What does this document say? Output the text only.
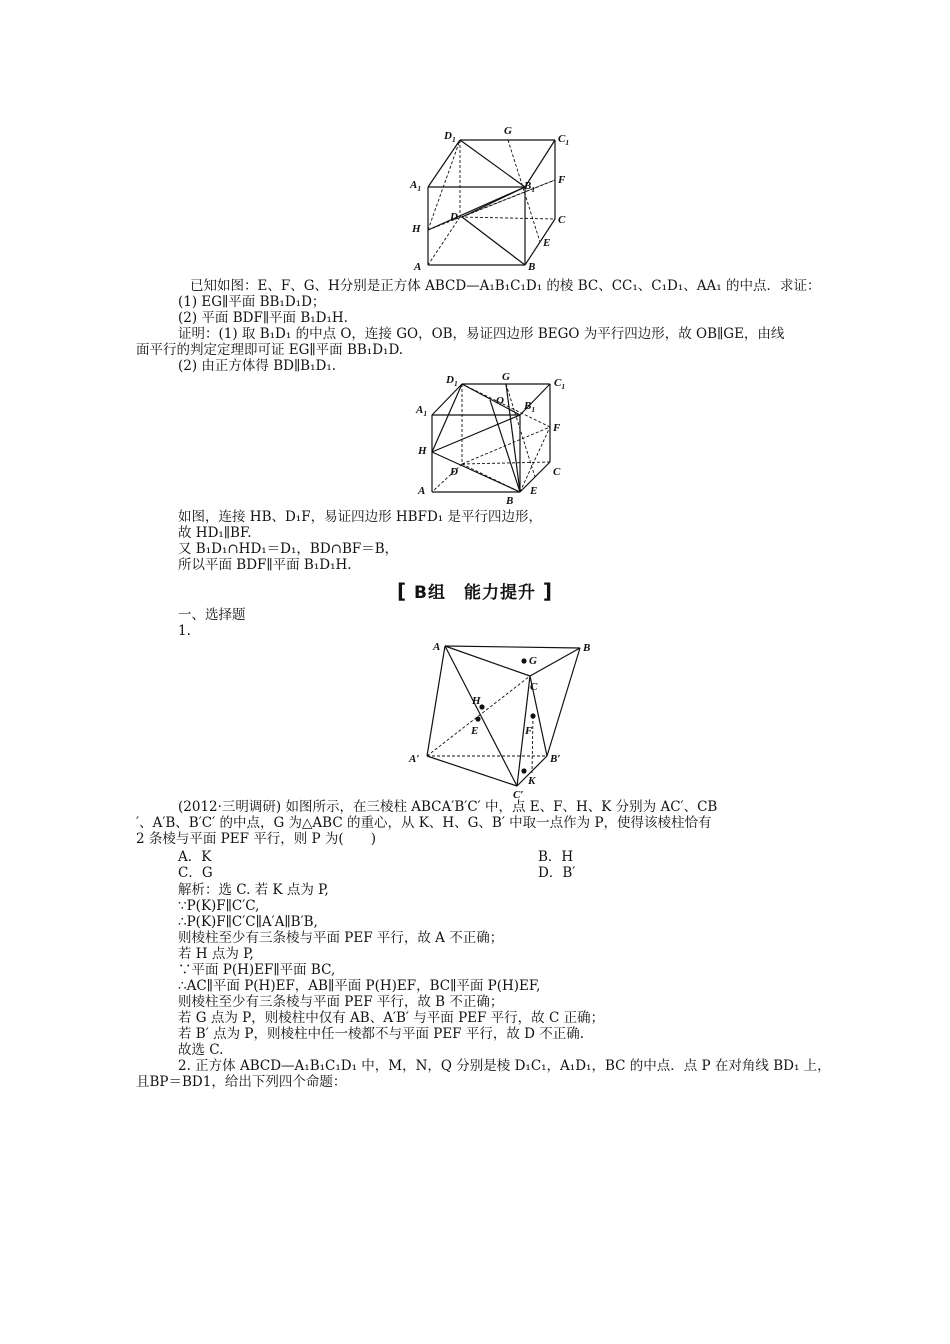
$D_1$
G
$C_1$
$A_1$	$B_1$
F
D	C
H
E
A	B
已知如图：E、F、G、H分别是正方体 ABCD—A₁B₁C₁D₁ 的棱 BC、CC₁、C₁D₁、AA₁ 的中点．求证：
(1) EG∥平面 BB₁D₁D；
(2) 平面 BDF∥平面 B₁D₁H.
证明：(1) 取 B₁D₁ 的中点 O，连接 GO，OB，易证四边形 BEGO 为平行四边形，故 OB∥GE，由线
面平行的判定定理即可证 EG∥平面 BB₁D₁D.
(2) 由正方体得 BD∥B₁D₁.
$D_1$
G	$C_1$
$A_1$
O $B_1$
F
H
D	C
A
B
E
如图，连接 HB、D₁F，易证四边形 HBFD₁ 是平行四边形，
故 HD₁∥BF.
又 B₁D₁∩HD₁＝D₁，BD∩BF＝B，
所以平面 BDF∥平面 B₁D₁H.
[ B组　能力提升 ]
一、选择题
1.
A	B
G
C
H
E	F
A′	B′
C′
K
(2012·三明调研) 如图所示，在三棱柱 ABCA′B′C′ 中，点 E、F、H、K 分别为 AC′、CB
′、A′B、B′C′ 的中点，G 为△ABC 的重心，从 K、H、G、B′ 中取一点作为 P，使得该棱柱恰有
2 条棱与平面 PEF 平行，则 P 为(　　)
A．K	B．H
C．G	D．B′
解析：选 C. 若 K 点为 P,
∵P(K)F∥C′C,
∴P(K)F∥C′C∥A′A∥B′B,
则棱柱至少有三条棱与平面 PEF 平行，故 A 不正确；
若 H 点为 P,
∵平面 P(H)EF∥平面 BC,
∴AC∥平面 P(H)EF，AB∥平面 P(H)EF，BC∥平面 P(H)EF,
则棱柱至少有三条棱与平面 PEF 平行，故 B 不正确；
若 G 点为 P，则棱柱中仅有 AB、A′B′ 与平面 PEF 平行，故 C 正确；
若 B′ 点为 P，则棱柱中任一棱都不与平面 PEF 平行，故 D 不正确.
故选 C.
2. 正方体 ABCD—A₁B₁C₁D₁ 中，M，N，Q 分别是棱 D₁C₁，A₁D₁，BC 的中点．点 P 在对角线 BD₁ 上，
且BP＝BD1，给出下列四个命题：
